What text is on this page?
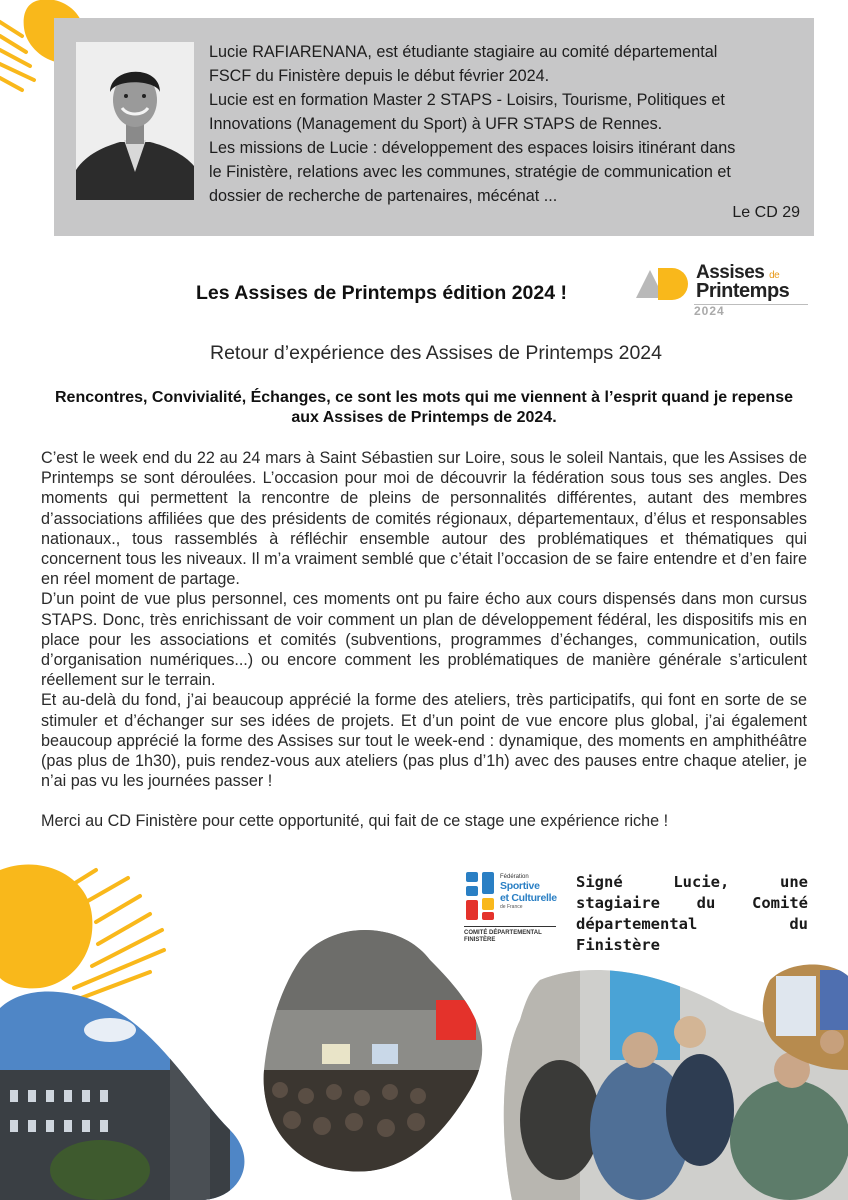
Lucie RAFIARENANA, est étudiante stagiaire au comité départemental
FSCF du Finistère depuis le début février 2024.
Lucie est en formation Master 2 STAPS - Loisirs, Tourisme, Politiques et
Innovations (Management du Sport) à UFR STAPS de Rennes.
Les missions de Lucie : développement des espaces loisirs itinérant dans
le Finistère, relations avec les communes, stratégie de communication et
dossier de recherche de partenaires, mécénat ...
Le CD 29
Les Assises de Printemps édition 2024 !
Assises de
Printemps
2024
Retour d’expérience des Assises de Printemps 2024
Rencontres, Convivialité, Échanges, ce sont les mots qui me viennent à l’esprit quand je repense aux Assises de Printemps de 2024.

C’est le week end du 22 au 24 mars à Saint Sébastien sur Loire, sous le soleil Nantais, que les Assises de Printemps se sont déroulées. L’occasion pour moi de découvrir la fédération sous tous ses angles. Des moments qui permettent la rencontre de pleins de personnalités différentes, autant des membres d’associations affiliées que des présidents de comités régionaux, départementaux, d’élus et responsables nationaux., tous rassemblés à réfléchir ensemble autour des problématiques et thématiques qui concernent tous les niveaux. Il m’a vraiment semblé que c’était l’occasion de se faire entendre et d’en faire en réel moment de partage.

D’un point de vue plus personnel, ces moments ont pu faire écho aux cours dispensés dans mon cursus STAPS. Donc, très enrichissant de voir comment un plan de développement fédéral, les dispositifs mis en place pour les associations et comités (subventions, programmes d’échanges, communication, outils d’organisation numériques...) ou encore comment les problématiques de manière générale s’articulent réellement sur le terrain.

Et au-delà du fond, j’ai beaucoup apprécié la forme des ateliers, très participatifs, qui font en sorte de se stimuler et d’échanger sur ses idées de projets. Et d’un point de vue encore plus global, j’ai également beaucoup apprécié la forme des Assises sur tout le week-end : dynamique, des moments en amphithéâtre (pas plus de 1h30), puis rendez-vous aux ateliers (pas plus d’1h) avec des pauses entre chaque atelier, je n’ai pas vu les journées passer !

Merci au CD Finistère pour cette opportunité, qui fait de ce stage une expérience riche !

Fédération
Sportive
et Culturelle
de France
COMITÉ DÉPARTEMENTAL
FINISTÈRE
Signé Lucie, une stagiaire du Comité départemental du Finistère
